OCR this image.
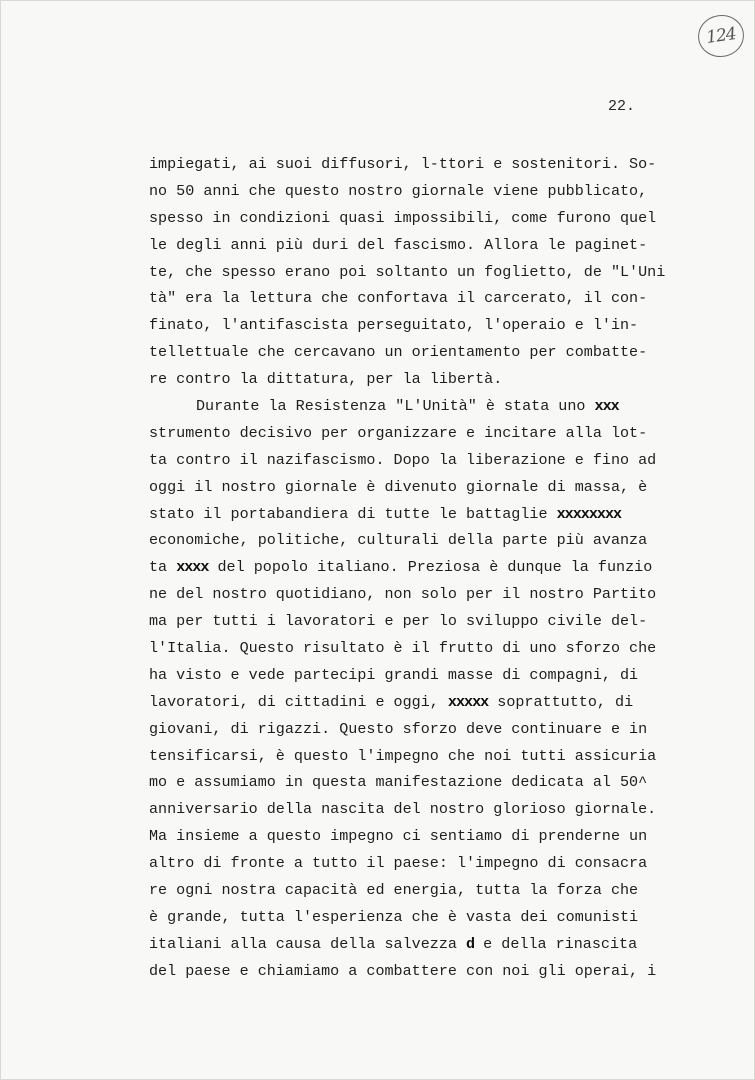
124
22.
impiegati, ai suoi diffusori, l-ttori e sostenitori. So-
no 50 anni che questo nostro giornale viene pubblicato,
spesso in condizioni quasi impossibili, come furono quel
le degli anni più duri del fascismo. Allora le paginet-
te, che spesso erano poi soltanto un foglietto, de "L'Uni
tà" era la lettura che confortava il carcerato, il con-
finato, l'antifascista perseguitato, l'operaio e l'in-
tellettuale che cercavano un orientamento per combatte-
re contro la dittatura, per la libertà.
Durante la Resistenza "L'Unità" è stata uno xxx
strumento decisivo per organizzare e incitare alla lot-
ta contro il nazifascismo. Dopo la liberazione e fino ad
oggi il nostro giornale è divenuto giornale di massa, è
stato il portabandiera di tutte le battaglie xxxxxxxx
economiche, politiche, culturali della parte più avanza
ta xxxx del popolo italiano. Preziosa è dunque la funzio
ne del nostro quotidiano, non solo per il nostro Partito
ma per tutti i lavoratori e per lo sviluppo civile del-
l'Italia. Questo risultato è il frutto di uno sforzo che
ha visto e vede partecipi grandi masse di compagni, di
lavoratori, di cittadini e oggi, xxxxx soprattutto, di
giovani, di rigazzi. Questo sforzo deve continuare e in
tensificarsi, è questo l'impegno che noi tutti assicuria
mo e assumiamo in questa manifestazione dedicata al 50^
anniversario della nascita del nostro glorioso giornale.
Ma insieme a questo impegno ci sentiamo di prenderne un
altro di fronte a tutto il paese: l'impegno di consacra
re ogni nostra capacità ed energia, tutta la forza che
è grande, tutta l'esperienza che è vasta dei comunisti
italiani alla causa della salvezza d e della rinascita
del paese e chiamiamo a combattere con noi gli operai, i
